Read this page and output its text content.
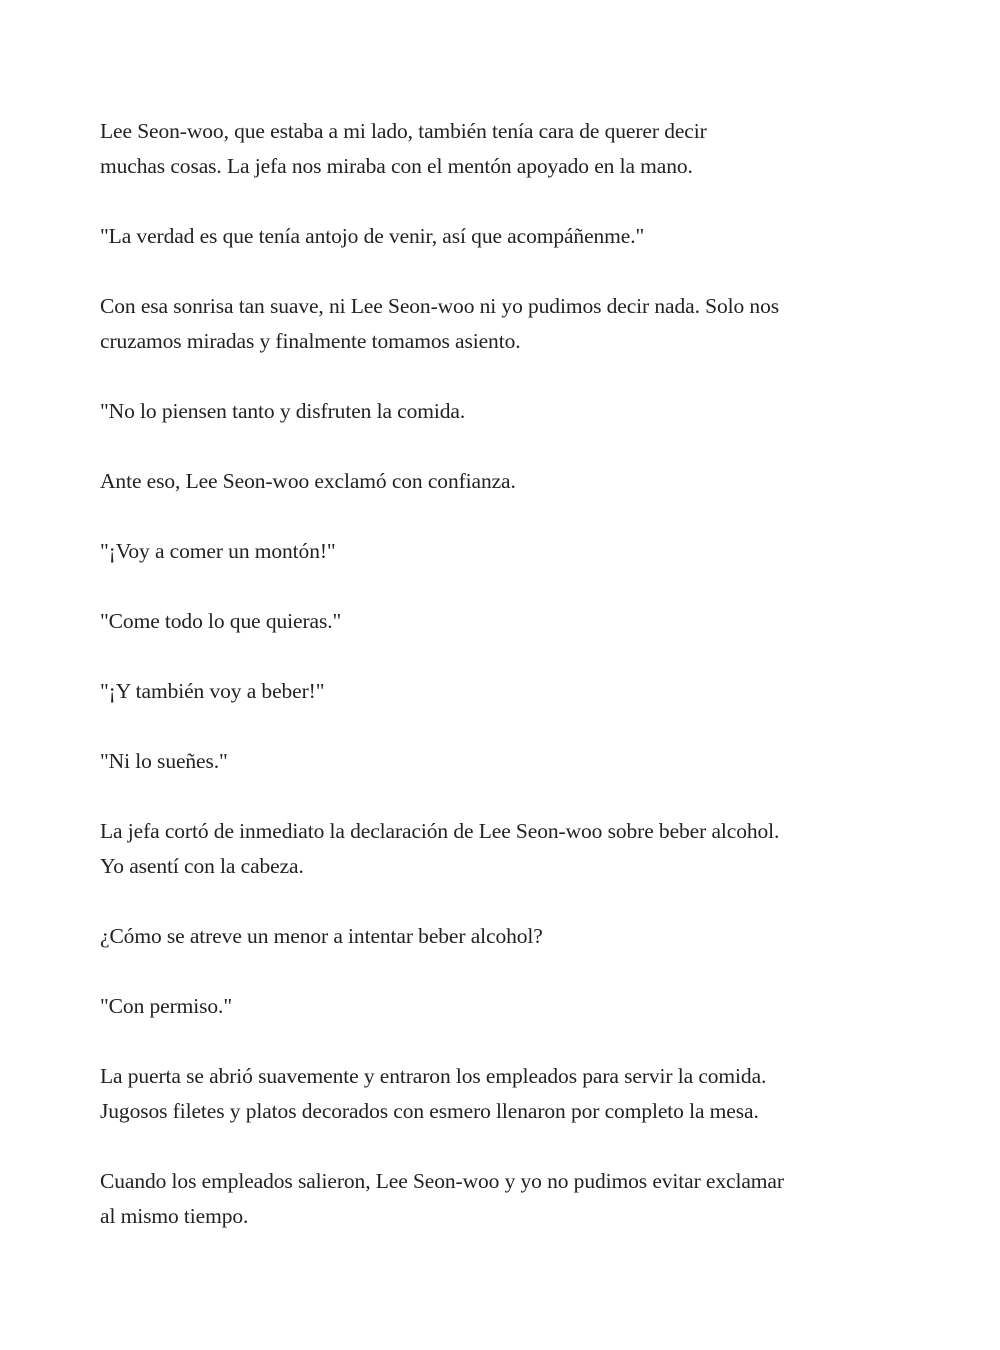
Lee Seon-woo, que estaba a mi lado, también tenía cara de querer decir
muchas cosas. La jefa nos miraba con el mentón apoyado en la mano.

"La verdad es que tenía antojo de venir, así que acompáñenme."

Con esa sonrisa tan suave, ni Lee Seon-woo ni yo pudimos decir nada. Solo nos
cruzamos miradas y finalmente tomamos asiento.

"No lo piensen tanto y disfruten la comida.

Ante eso, Lee Seon-woo exclamó con confianza.

"¡Voy a comer un montón!"

"Come todo lo que quieras."

"¡Y también voy a beber!"

"Ni lo sueñes."

La jefa cortó de inmediato la declaración de Lee Seon-woo sobre beber alcohol.
Yo asentí con la cabeza.

¿Cómo se atreve un menor a intentar beber alcohol?

"Con permiso."

La puerta se abrió suavemente y entraron los empleados para servir la comida.
Jugosos filetes y platos decorados con esmero llenaron por completo la mesa.

Cuando los empleados salieron, Lee Seon-woo y yo no pudimos evitar exclamar
al mismo tiempo.
